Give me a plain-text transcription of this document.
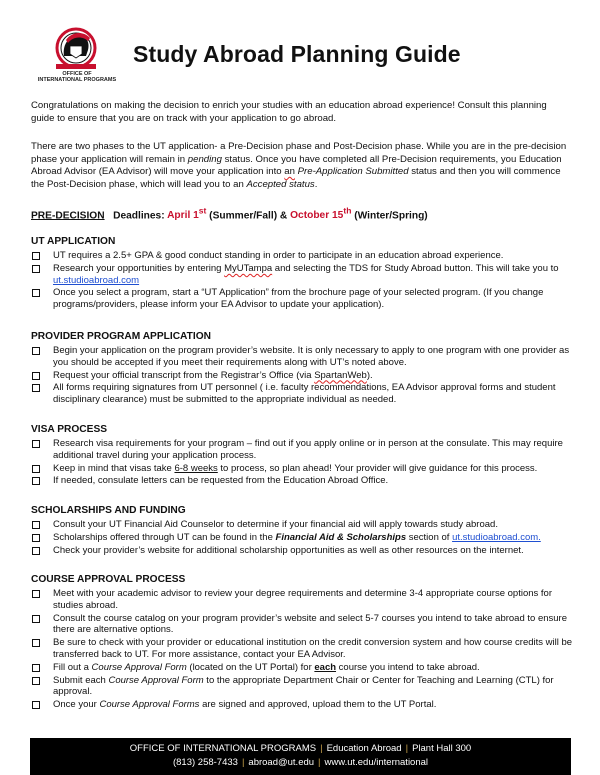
OFFICE OF
INTERNATIONAL PROGRAMS
Study Abroad Planning Guide
Congratulations on making the decision to enrich your studies with an education abroad experience! Consult this planning guide to ensure that you are on track with your application to go abroad.
There are two phases to the UT application- a Pre-Decision phase and Post-Decision phase. While you are in the pre-decision phase your application will remain in pending status. Once you have completed all Pre-Decision requirements, you Education Abroad Advisor (EA Advisor) will move your application into an Pre-Application Submitted status and then you will commence the Post-Decision phase, which will lead you to an Accepted status.
PRE-DECISION Deadlines: April 1st (Summer/Fall) & October 15th (Winter/Spring)
UT APPLICATION
UT requires a 2.5+ GPA & good conduct standing in order to participate in an education abroad experience.
Research your opportunities by entering MyUTampa and selecting the TDS for Study Abroad button. This will take you to ut.studioabroad.com
Once you select a program, start a “UT Application” from the brochure page of your selected program. (If you change programs/providers, please inform your EA Advisor to update your application).
PROVIDER PROGRAM APPLICATION
Begin your application on the program provider’s website. It is only necessary to apply to one program with one provider as you should be accepted if you meet their requirements along with UT’s noted above.
Request your official transcript from the Registrar’s Office (via SpartanWeb).
All forms requiring signatures from UT personnel ( i.e. faculty recommendations, EA Advisor approval forms and student disciplinary clearance) must be submitted to the appropriate individual as needed.
VISA PROCESS
Research visa requirements for your program – find out if you apply online or in person at the consulate. This may require additional travel during your application process.
Keep in mind that visas take 6-8 weeks to process, so plan ahead! Your provider will give guidance for this process.
If needed, consulate letters can be requested from the Education Abroad Office.
SCHOLARSHIPS AND FUNDING
Consult your UT Financial Aid Counselor to determine if your financial aid will apply towards study abroad.
Scholarships offered through UT can be found in the Financial Aid & Scholarships section of ut.studioabroad.com.
Check your provider’s website for additional scholarship opportunities as well as other resources on the internet.
COURSE APPROVAL PROCESS
Meet with your academic advisor to review your degree requirements and determine 3-4 appropriate course options for studies abroad.
Consult the course catalog on your program provider’s website and select 5-7 courses you intend to take abroad to ensure there are alternative options.
Be sure to check with your provider or educational institution on the credit conversion system and how course credits will be transferred back to UT. For more assistance, contact your EA Advisor.
Fill out a Course Approval Form (located on the UT Portal) for each course you intend to take abroad.
Submit each Course Approval Form to the appropriate Department Chair or Center for Teaching and Learning (CTL) for approval.
Once your Course Approval Forms are signed and approved, upload them to the UT Portal.
OFFICE OF INTERNATIONAL PROGRAMS | Education Abroad | Plant Hall 300
(813) 258-7433 | abroad@ut.edu | www.ut.edu/international
